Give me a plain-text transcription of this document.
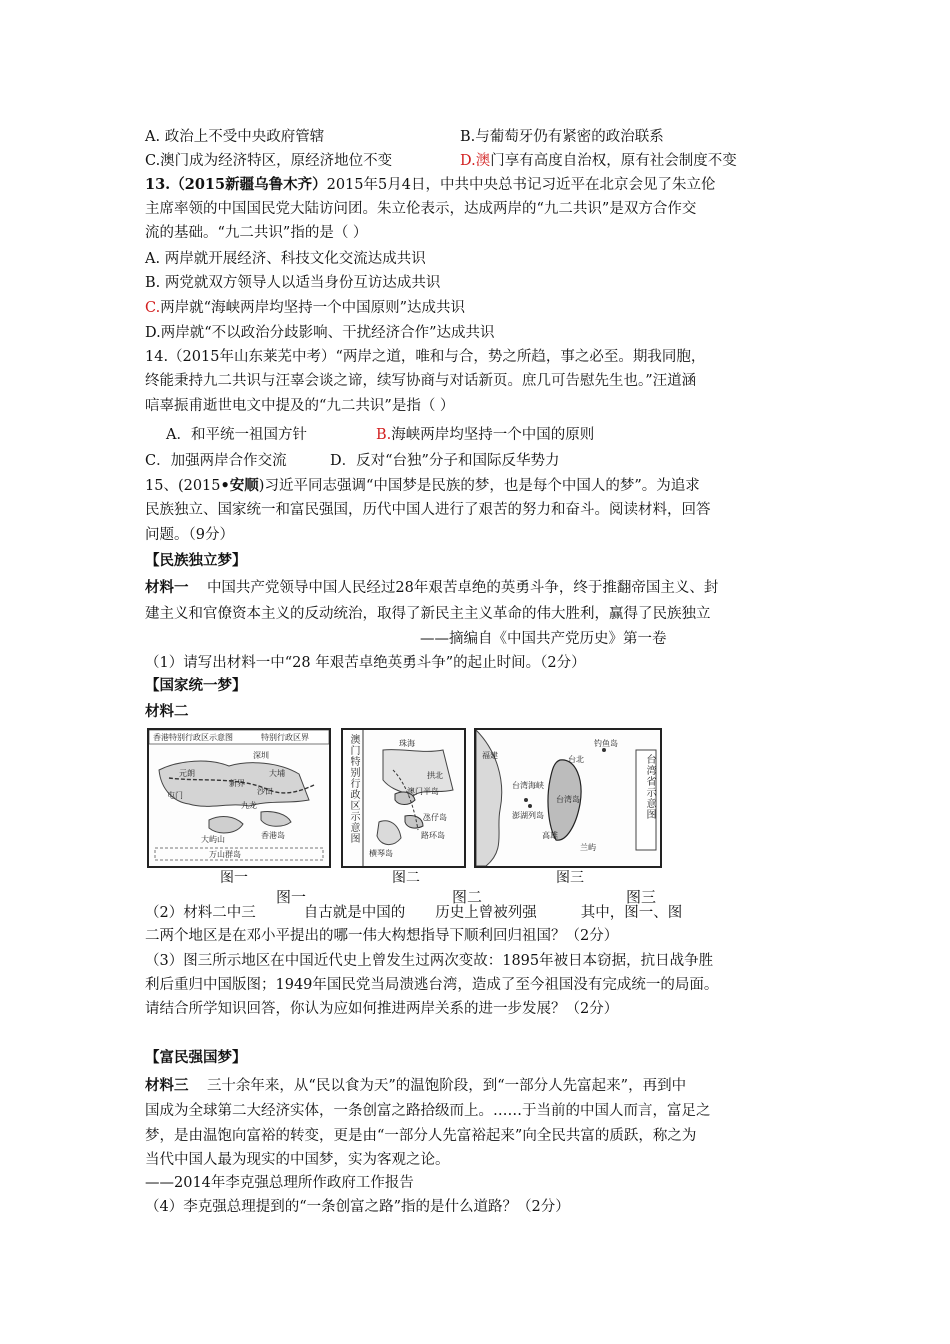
A. 政治上不受中央政府管辖	B.与葡萄牙仍有紧密的政治联系
C.澳门成为经济特区，原经济地位不变	D.澳门享有高度自治权，原有社会制度不变
13.（2015新疆乌鲁木齐）2015年5月4日，中共中央总书记习近平在北京会见了朱立伦
主席率领的中国国民党大陆访问团。朱立伦表示，达成两岸的“九二共识”是双方合作交
流的基础。“九二共识”指的是（ ）
A. 两岸就开展经济、科技文化交流达成共识
B. 两党就双方领导人以适当身份互访达成共识
C.两岸就“海峡两岸均坚持一个中国原则”达成共识
D.两岸就“不以政治分歧影响、干扰经济合作”达成共识
14.（2015年山东莱芜中考）“两岸之道，唯和与合，势之所趋，事之必至。期我同胞，
终能秉持九二共识与汪辜会谈之谛，续写协商与对话新页。庶几可告慰先生也。”汪道涵
唁辜振甫逝世电文中提及的“九二共识”是指（ ）
A．和平统一祖国方针	B.海峡两岸均坚持一个中国的原则
C．加强两岸合作交流	D．反对“台独”分子和国际反华势力
15、(2015•安顺)习近平同志强调“中国梦是民族的梦，也是每个中国人的梦”。为追求
民族独立、国家统一和富民强国，历代中国人进行了艰苦的努力和奋斗。阅读材料，回答
问题。（9分）
【民族独立梦】
材料一 中国共产党领导中国人民经过28年艰苦卓绝的英勇斗争，终于推翻帝国主义、封
建主义和官僚资本主义的反动统治，取得了新民主主义革命的伟大胜利，赢得了民族独立
——摘编自《中国共产党历史》第一卷
（1）请写出材料一中“28 年艰苦卓绝英勇斗争”的起止时间。（2分）
【国家统一梦】
材料二
香港特别行政区示意图	特别行政区界
新界
九龙
香港岛
大屿山
深圳
元朗
屯门
大埔
沙田
万山群岛
澳门特别行政区示意图	珠海
澳门半岛
氹仔岛
路环岛
拱北
横琴岛
台湾省示意图
台湾岛
台北
钓鱼岛
澎湖列岛
台湾海峡
福建
兰屿
高雄
图一	图二	图三
图一	图二	图三
（2）材料二中三	自古就是中国的 历史上曾被列强	其中，图一、图
二两个地区是在邓小平提出的哪一伟大构想指导下顺利回归祖国？（2分）
（3）图三所示地区在中国近代史上曾发生过两次变故：1895年被日本窃据，抗日战争胜
利后重归中国版图；1949年国民党当局溃逃台湾，造成了至今祖国没有完成统一的局面。
请结合所学知识回答，你认为应如何推进两岸关系的进一步发展？（2分）
【富民强国梦】
材料三 三十余年来，从“民以食为天”的温饱阶段，到“一部分人先富起来”，再到中
国成为全球第二大经济实体，一条创富之路拾级而上。……于当前的中国人而言，富足之
梦，是由温饱向富裕的转变，更是由“一部分人先富裕起来”向全民共富的质跃，称之为
当代中国人最为现实的中国梦，实为客观之论。
——2014年李克强总理所作政府工作报告
（4）李克强总理提到的“一条创富之路”指的是什么道路？（2分）
